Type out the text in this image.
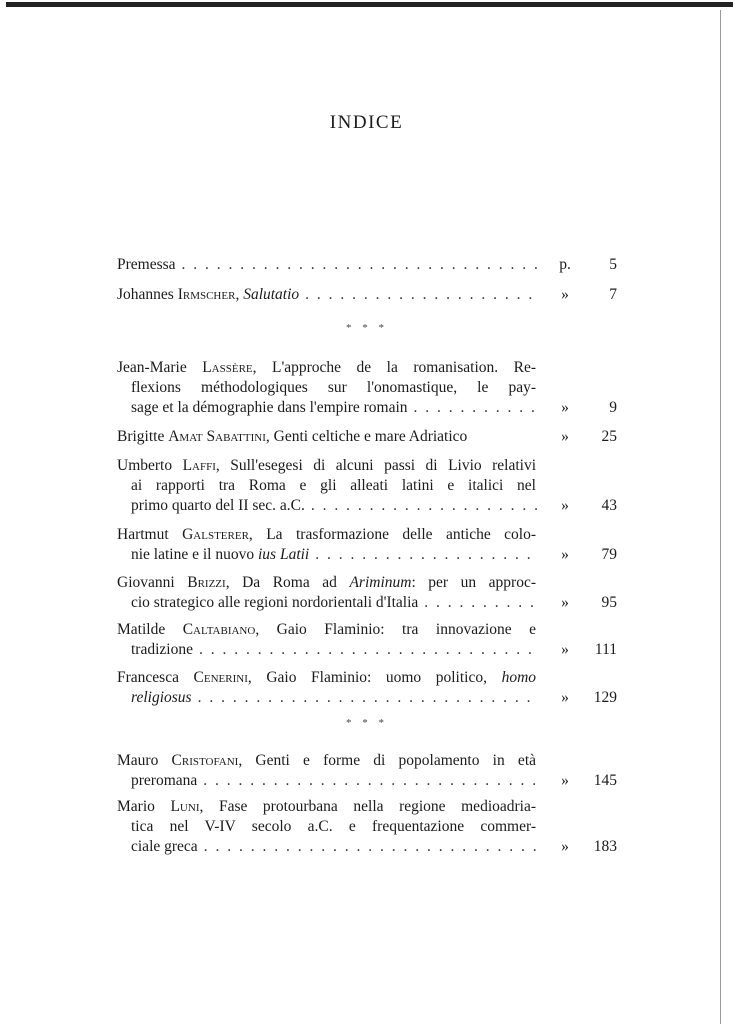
INDICE
Premessa . . .	p.	5
Johannes Irmscher, Salutatio . . .	»	7
* * *
Jean-Marie Lassère, L'approche de la romanisation. Re-
flexions méthodologiques sur l'onomastique, le pay-
sage et la démographie dans l'empire romain . . .	»	9
Brigitte Amat Sabattini, Genti celtiche e mare Adriatico	»	25
Umberto Laffi, Sull'esegesi di alcuni passi di Livio relativi
ai rapporti tra Roma e gli alleati latini e italici nel
primo quarto del II sec. a.C. . . .	»	43
Hartmut Galsterer, La trasformazione delle antiche colo-
nie latine e il nuovo ius Latii . . .	»	79
Giovanni Brizzi, Da Roma ad Ariminum: per un approc-
cio strategico alle regioni nordorientali d'Italia . . .	»	95
Matilde Caltabiano, Gaio Flaminio: tra innovazione e
tradizione . . .	»	111
Francesca Cenerini, Gaio Flaminio: uomo politico, homo
religiosus . . .	»	129
* * *
Mauro Cristofani, Genti e forme di popolamento in età
preromana . . .	»	145
Mario Luni, Fase protourbana nella regione medioadria-
tica nel V-IV secolo a.C. e frequentazione commer-
ciale greca . . .	»	183
